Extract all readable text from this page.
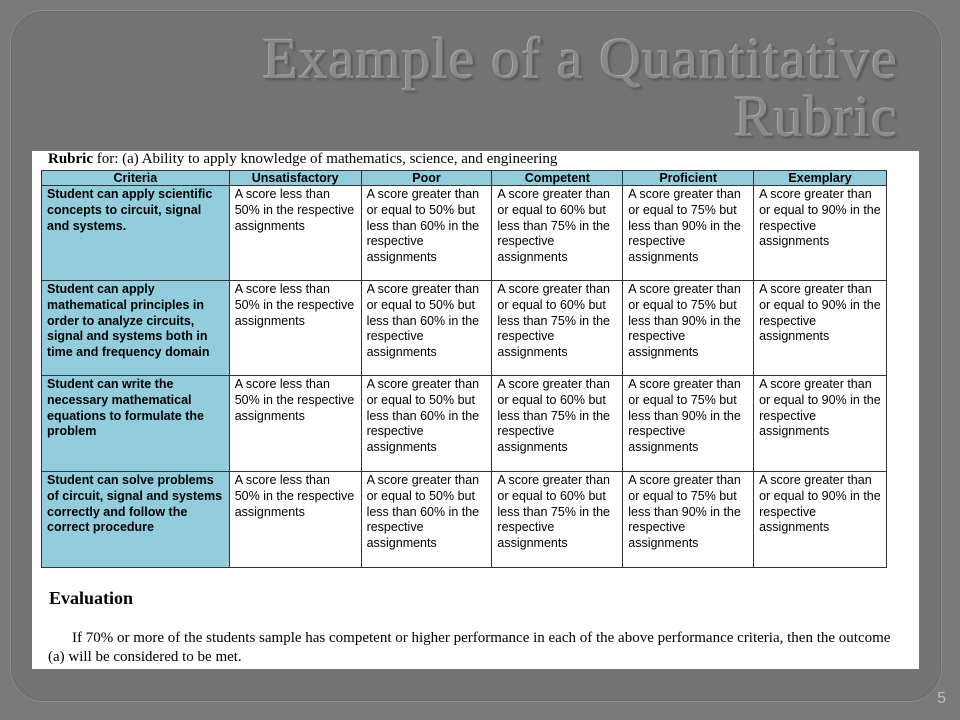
Example of a Quantitative
Rubric
Rubric for: (a) Ability to apply knowledge of mathematics, science, and engineering
Criteria	Unsatisfactory	Poor	Competent	Proficient	Exemplary
Student can apply scientific concepts to circuit, signal and systems.	A score less than 50% in the respective assignments	A score greater than or equal to 50% but less than 60% in the respective assignments	A score greater than or equal to 60% but less than 75% in the respective assignments	A score greater than or equal to 75% but less than 90% in the respective assignments	A score greater than or equal to 90% in the respective assignments
Student can apply mathematical principles in order to analyze circuits, signal and systems both in time and frequency domain	A score less than 50% in the respective assignments	A score greater than or equal to 50% but less than 60% in the respective assignments	A score greater than or equal to 60% but less than 75% in the respective assignments	A score greater than or equal to 75% but less than 90% in the respective assignments	A score greater than or equal to 90% in the respective assignments
Student can write the necessary mathematical equations to formulate the problem	A score less than 50% in the respective assignments	A score greater than or equal to 50% but less than 60% in the respective assignments	A score greater than or equal to 60% but less than 75% in the respective assignments	A score greater than or equal to 75% but less than 90% in the respective assignments	A score greater than or equal to 90% in the respective assignments
Student can solve problems of circuit, signal and systems correctly and follow the correct procedure	A score less than 50% in the respective assignments	A score greater than or equal to 50% but less than 60% in the respective assignments	A score greater than or equal to 60% but less than 75% in the respective assignments	A score greater than or equal to 75% but less than 90% in the respective assignments	A score greater than or equal to 90% in the respective assignments
Evaluation
If 70% or more of the students sample has competent or higher performance in each of the above performance criteria, then the outcome (a) will be considered to be met.
5
